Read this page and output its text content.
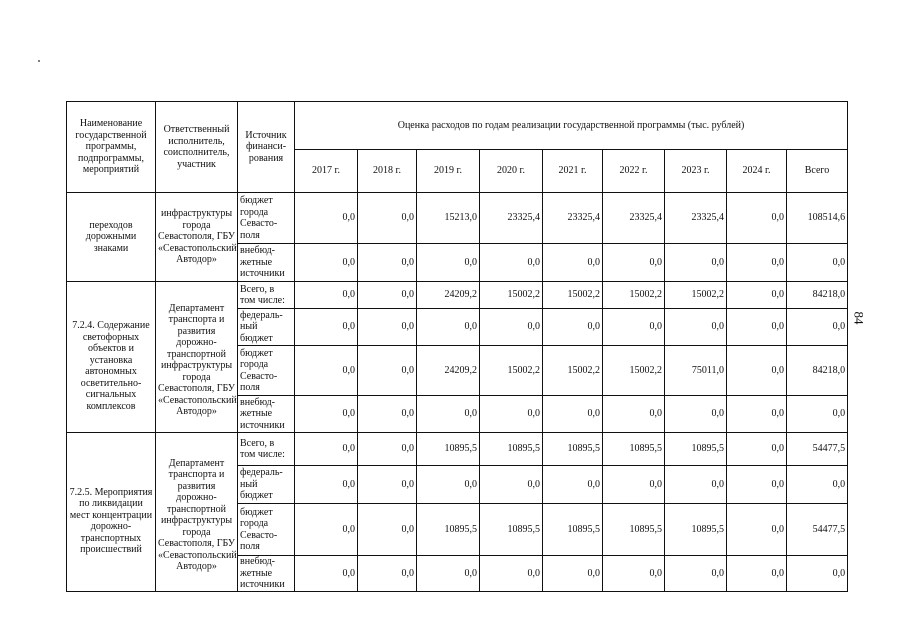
84
Наименование государственной программы, подпрограммы, мероприятий	Ответственный исполнитель, соисполнитель, участник	Источник финанси-рования	Оценка расходов по годам реализации государственной программы (тыс. рублей)								
			2017 г.	2018 г.	2019 г.	2020 г.	2021 г.	2022 г.	2023 г.	2024 г.	Всего
переходов дорожными знаками	инфраструктуры города Севастополя, ГБУ «Севастопольский Автодор»	бюджет города Севасто-поля	0,0	0,0	15213,0	23325,4	23325,4	23325,4	23325,4	0,0	108514,6
		внебюд-жетные источники	0,0	0,0	0,0	0,0	0,0	0,0	0,0	0,0	0,0
7.2.4. Содержание светофорных объектов и установка автономных осветительно-сигнальных комплексов	Департамент транспорта и развития дорожно-транспортной инфраструктуры города Севастополя, ГБУ «Севастопольский Автодор»	Всего, в том числе:	0,0	0,0	24209,2	15002,2	15002,2	15002,2	15002,2	0,0	84218,0
		федераль-ный бюджет	0,0	0,0	0,0	0,0	0,0	0,0	0,0	0,0	0,0
		бюджет города Севасто-поля	0,0	0,0	24209,2	15002,2	15002,2	15002,2	75011,0	0,0	84218,0
		внебюд-жетные источники	0,0	0,0	0,0	0,0	0,0	0,0	0,0	0,0	0,0
7.2.5. Мероприятия по ликвидации мест концентрации дорожно-транспортных происшествий	Департамент транспорта и развития дорожно-транспортной инфраструктуры города Севастополя, ГБУ «Севастопольский Автодор»	Всего, в том числе:	0,0	0,0	10895,5	10895,5	10895,5	10895,5	10895,5	0,0	54477,5
		федераль-ный бюджет	0,0	0,0	0,0	0,0	0,0	0,0	0,0	0,0	0,0
		бюджет города Севасто-поля	0,0	0,0	10895,5	10895,5	10895,5	10895,5	10895,5	0,0	54477,5
		внебюд-жетные источники	0,0	0,0	0,0	0,0	0,0	0,0	0,0	0,0	0,0
